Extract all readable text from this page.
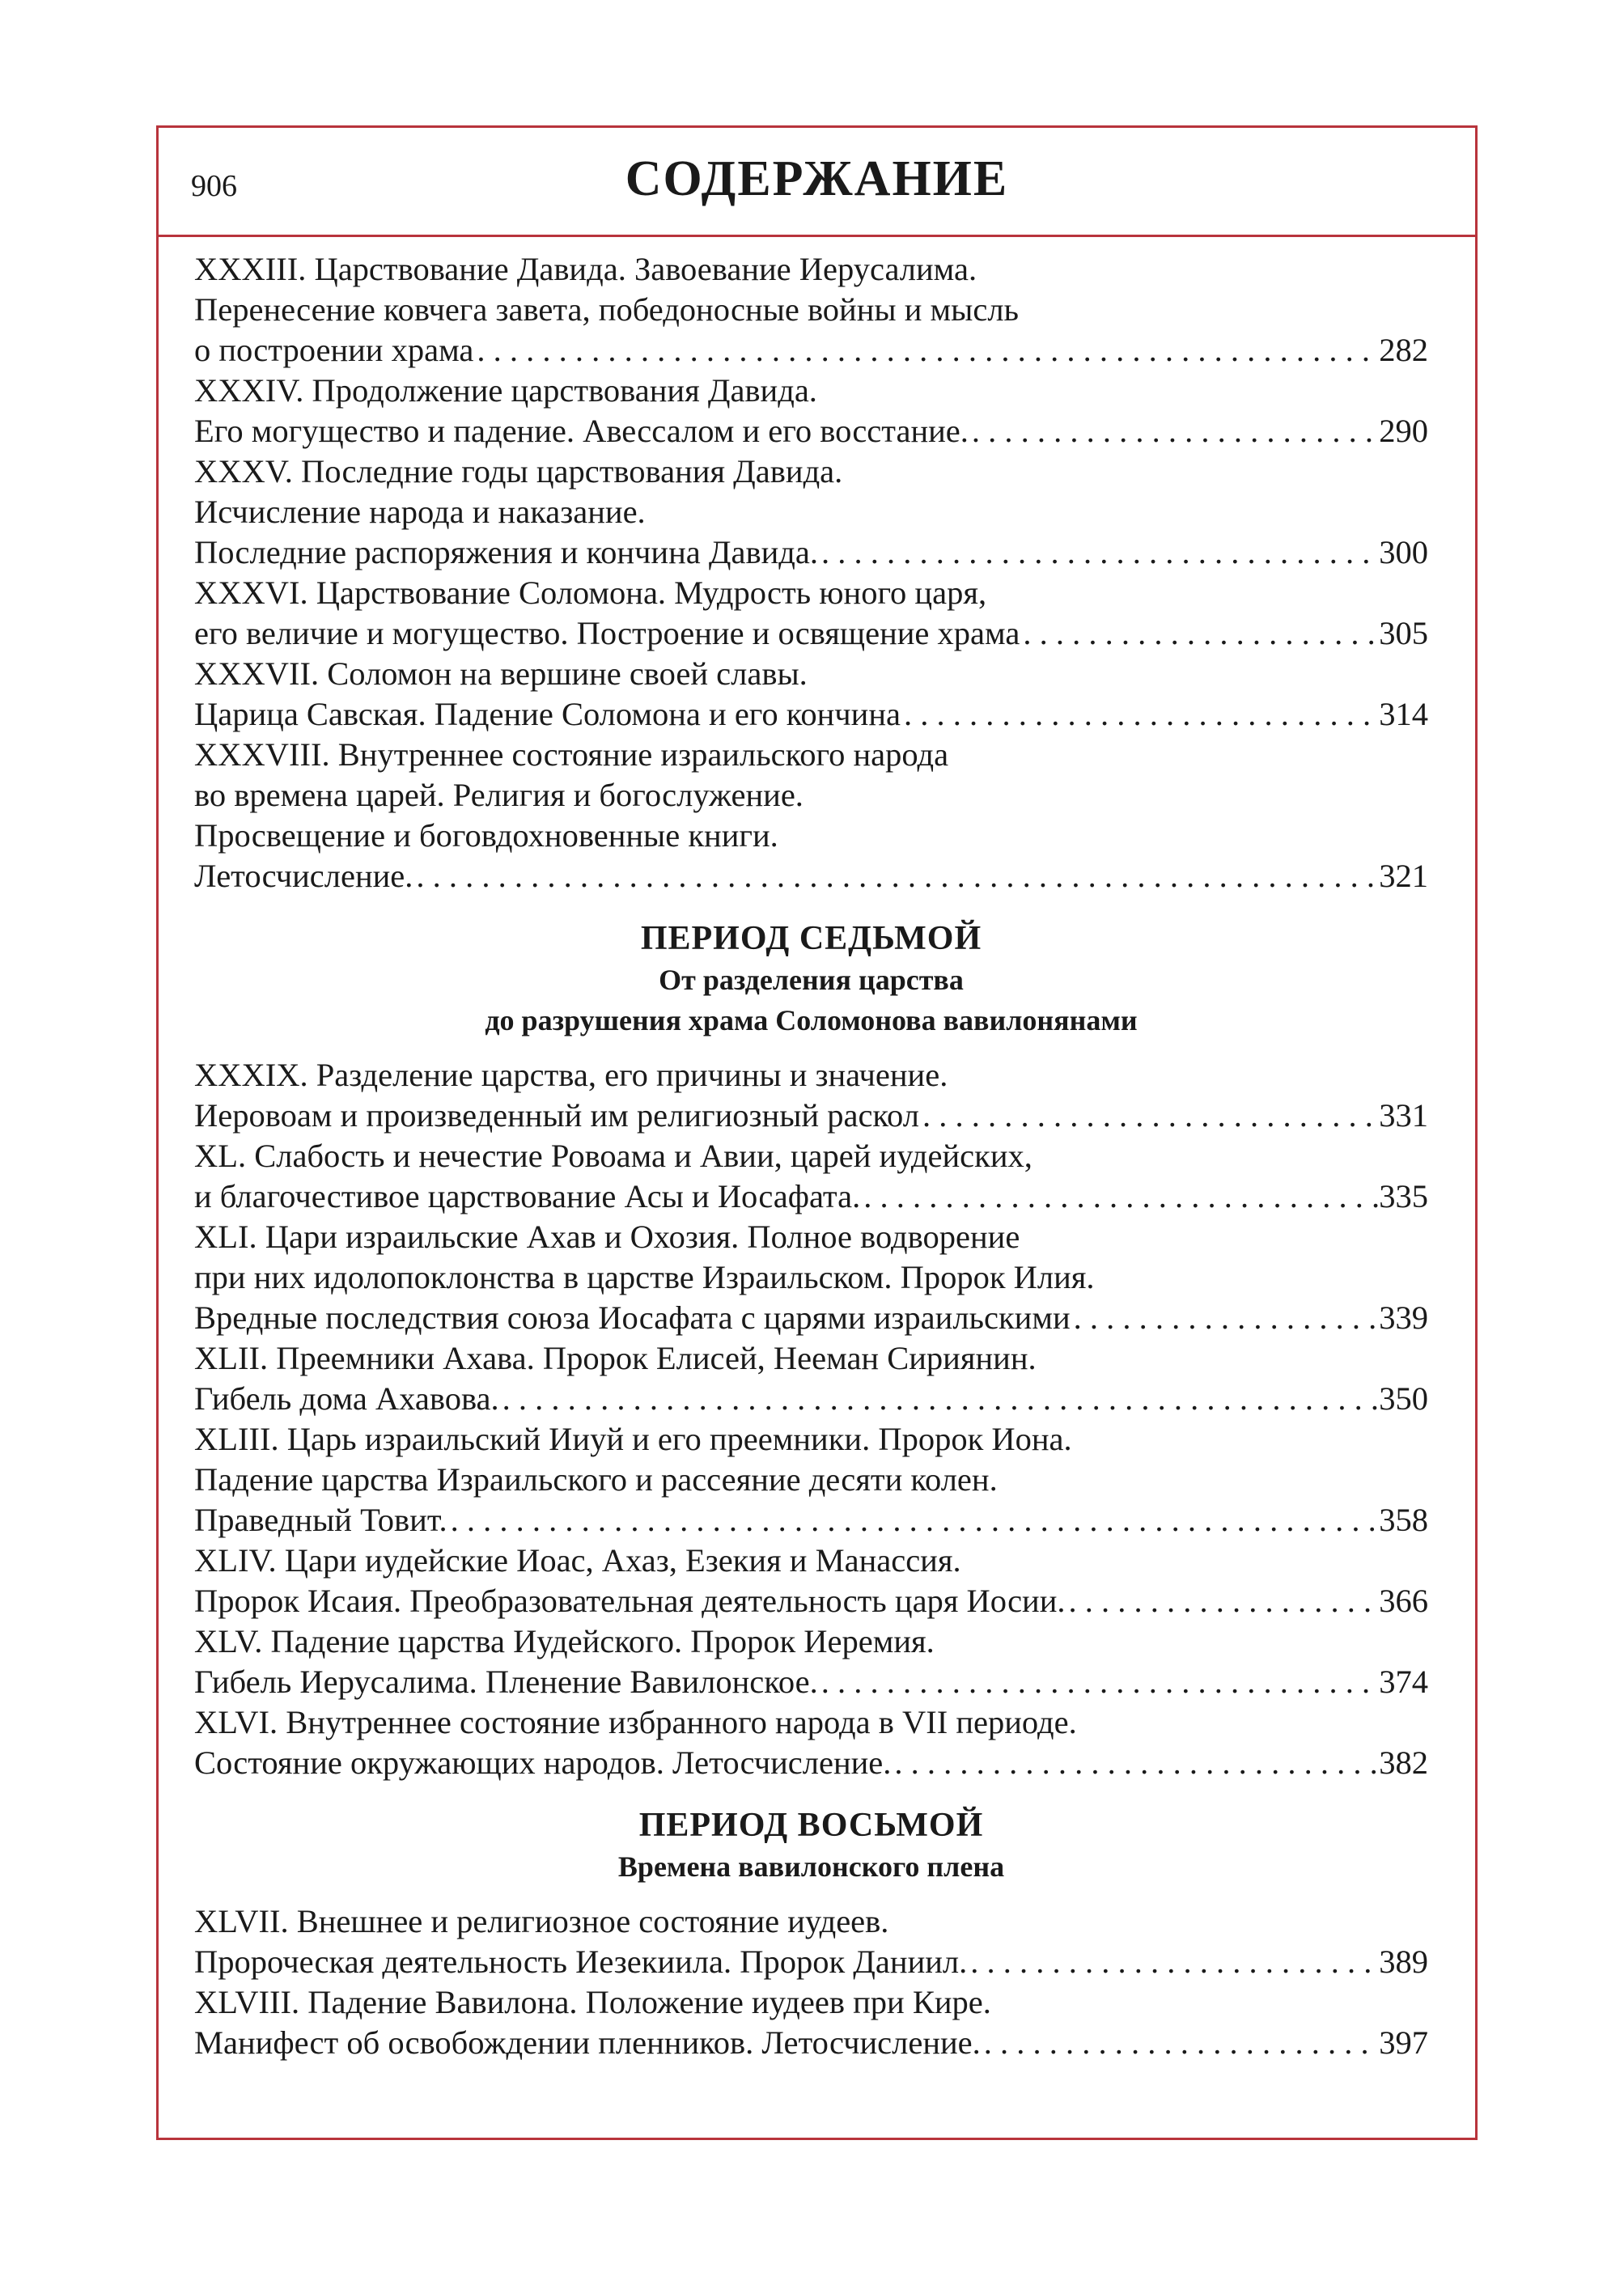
906	СОДЕРЖАНИЕ
XXXIII. Царствование Давида. Завоевание Иерусалима.
Перенесение ковчега завета, победоносные войны и мысль
о построении храма . . .	282
XXXIV. Продолжение царствования Давида.
Его могущество и падение. Авессалом и его восстание. . . .	290
XXXV. Последние годы царствования Давида.
Исчисление народа и наказание.
Последние распоряжения и кончина Давида. . . .	300
XXXVI. Царствование Соломона. Мудрость юного царя,
его величие и могущество. Построение и освящение храма . . .	305
XXXVII. Соломон на вершине своей славы.
Царица Савская. Падение Соломона и его кончина . . .	314
XXXVIII. Внутреннее состояние израильского народа
во времена царей. Религия и богослужение.
Просвещение и боговдохновенные книги.
Летосчисление. . . .	321
ПЕРИОД СЕДЬМОЙ
От разделения царства
до разрушения храма Соломонова вавилонянами
XXXIX. Разделение царства, его причины и значение.
Иеровоам и произведенный им религиозный раскол . . .	331
XL. Слабость и нечестие Ровоама и Авии, царей иудейских,
и благочестивое царствование Асы и Иосафата. . . .	335
XLI. Цари израильские Ахав и Охозия. Полное водворение
при них идолопоклонства в царстве Израильском. Пророк Илия.
Вредные последствия союза Иосафата с царями израильскими . . .	339
XLII. Преемники Ахава. Пророк Елисей, Нееман Сириянин.
Гибель дома Ахавова. . . .	350
XLIII. Царь израильский Ииуй и его преемники. Пророк Иона.
Падение царства Израильского и рассеяние десяти колен.
Праведный Товит. . . .	358
XLIV. Цари иудейские Иоас, Ахаз, Езекия и Манассия.
Пророк Исаия. Преобразовательная деятельность царя Иосии. . . .	366
XLV. Падение царства Иудейского. Пророк Иеремия.
Гибель Иерусалима. Пленение Вавилонское. . . .	374
XLVI. Внутреннее состояние избранного народа в VII периоде.
Состояние окружающих народов. Летосчисление. . . .	382
ПЕРИОД ВОСЬМОЙ
Времена вавилонского плена
XLVII. Внешнее и религиозное состояние иудеев.
Пророческая деятельность Иезекиила. Пророк Даниил. . . .	389
XLVIII. Падение Вавилона. Положение иудеев при Кире.
Манифест об освобождении пленников. Летосчисление. . . .	397
